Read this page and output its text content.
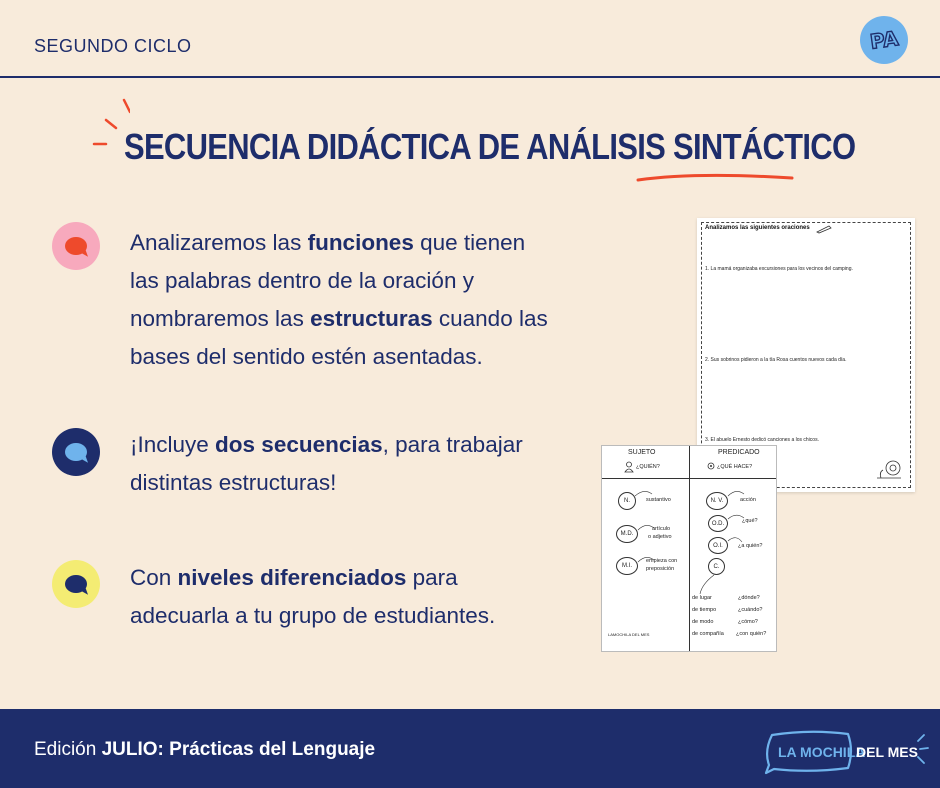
SEGUNDO CICLO	PA
SECUENCIA DIDÁCTICA DE ANÁLISIS SINTÁCTICO
Analizaremos las funciones que tienen las palabras dentro de la oración y nombraremos las estructuras cuando las bases del sentido estén asentadas.
¡Incluye dos secuencias, para trabajar distintas estructuras!
Con niveles diferenciados para adecuarla a tu grupo de estudiantes.
Analizamos las siguientes oraciones
1. La mamá organizaba excursiones para los vecinos del camping.
2. Sus sobrinos pidieron a la tía Rosa cuentos nuevos cada día.
3. El abuelo Ernesto dedicó canciones a los chicos.
SUJETO
¿QUIÉN?
PREDICADO
¿QUÉ HACE?
N.	sustantivo
M.D.
artículo
o adjetivo
M.I.
empieza con
preposición
N. V.	acción
O.D.	¿qué?
O.I.	¿a quién?
C.
de lugar	¿dónde?
de tiempo	¿cuándo?
de modo	¿cómo?
de compañía ¿con quién?
LAMOCHILA DEL MES
Edición JULIO: Prácticas del Lenguaje	LA MOCHILA
DEL MES
